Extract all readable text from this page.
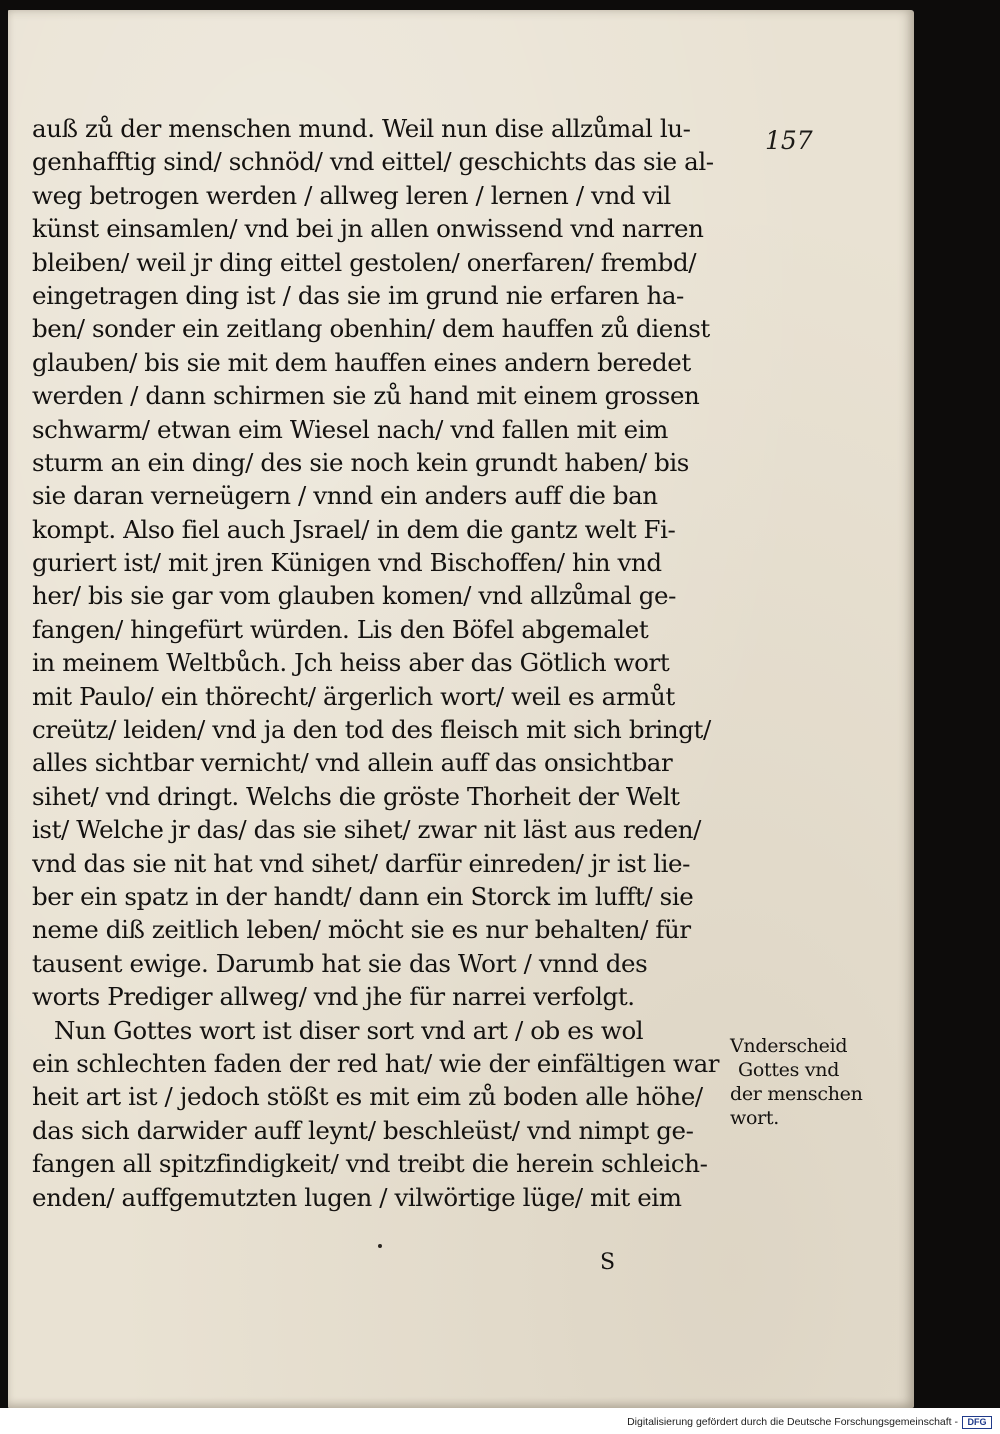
157
auß zů der menschen mund. Weil nun dise allzůmal lu-
genhafftig sind/ schnöd/ vnd eittel/ geschichts das sie al-
weg betrogen werden / allweg leren / lernen / vnd vil
künst einsamlen/ vnd bei jn allen onwissend vnd narren
bleiben/ weil jr ding eittel gestolen/ onerfaren/ frembd/
eingetragen ding ist / das sie im grund nie erfaren ha-
ben/ sonder ein zeitlang obenhin/ dem hauffen zů dienst
glauben/ bis sie mit dem hauffen eines andern beredet
werden / dann schirmen sie zů hand mit einem grossen
schwarm/ etwan eim Wiesel nach/ vnd fallen mit eim
sturm an ein ding/ des sie noch kein grundt haben/ bis
sie daran verneügern / vnnd ein anders auff die ban
kompt. Also fiel auch Jsrael/ in dem die gantz welt Fi-
guriert ist/ mit jren Künigen vnd Bischoffen/ hin vnd
her/ bis sie gar vom glauben komen/ vnd allzůmal ge-
fangen/ hingefürt würden. Lis den Böfel abgemalet
in meinem Weltbůch. Jch heiss aber das Götlich wort
mit Paulo/ ein thörecht/ ärgerlich wort/ weil es armůt
creütz/ leiden/ vnd ja den tod des fleisch mit sich bringt/
alles sichtbar vernicht/ vnd allein auff das onsichtbar
sihet/ vnd dringt. Welchs die gröste Thorheit der Welt
ist/ Welche jr das/ das sie sihet/ zwar nit läst aus reden/
vnd das sie nit hat vnd sihet/ darfür einreden/ jr ist lie-
ber ein spatz in der handt/ dann ein Storck im lufft/ sie
neme diß zeitlich leben/ möcht sie es nur behalten/ für
tausent ewige. Darumb hat sie das Wort / vnnd des
worts Prediger allweg/ vnd jhe für narrei verfolgt.
Nun Gottes wort ist diser sort vnd art / ob es wol
ein schlechten faden der red hat/ wie der einfältigen war
heit art ist / jedoch stößt es mit eim zů boden alle höhe/
das sich darwider auff leynt/ beschleüst/ vnd nimpt ge-
fangen all spitzfindigkeit/ vnd treibt die herein schleich-
enden/ auffgemutzten lugen / vilwörtige lüge/ mit eim
Vnderscheid
Gottes vnd
der menschen
wort.
S
Digitalisierung gefördert durch die Deutsche Forschungsgemeinschaft -	DFG
